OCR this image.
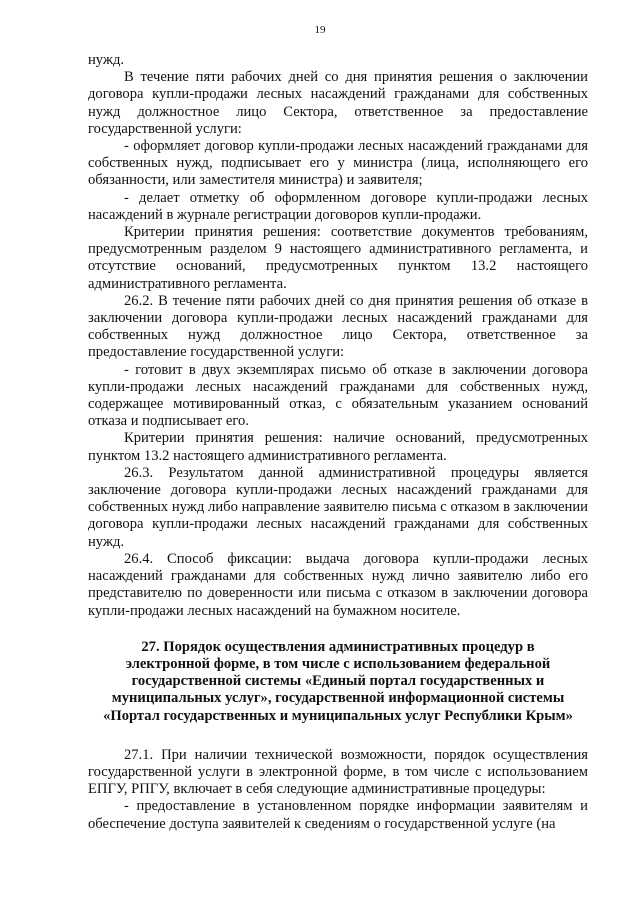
19

нужд.

В течение пяти рабочих дней со дня принятия решения о заключении договора купли-продажи лесных насаждений гражданами для собственных нужд должностное лицо Сектора, ответственное за предоставление государственной услуги:

- оформляет договор купли-продажи лесных насаждений гражданами для собственных нужд, подписывает его у министра (лица, исполняющего его обязанности, или заместителя министра) и заявителя;

- делает отметку об оформленном договоре купли-продажи лесных насаждений в журнале регистрации договоров купли-продажи.

Критерии принятия решения: соответствие документов требованиям, предусмотренным разделом 9 настоящего административного регламента, и отсутствие оснований, предусмотренных пунктом 13.2 настоящего административного регламента.

26.2. В течение пяти рабочих дней со дня принятия решения об отказе в заключении договора купли-продажи лесных насаждений гражданами для собственных нужд должностное лицо Сектора, ответственное за предоставление государственной услуги:

- готовит в двух экземплярах письмо об отказе в заключении договора купли-продажи лесных насаждений гражданами для собственных нужд, содержащее мотивированный отказ, с обязательным указанием оснований отказа и подписывает его.

Критерии принятия решения: наличие оснований, предусмотренных пунктом 13.2 настоящего административного регламента.

26.3. Результатом данной административной процедуры является заключение договора купли-продажи лесных насаждений гражданами для собственных нужд либо направление заявителю письма с отказом в заключении договора купли-продажи лесных насаждений гражданами для собственных нужд.

26.4. Способ фиксации: выдача договора купли-продажи лесных насаждений гражданами для собственных нужд лично заявителю либо его представителю по доверенности или письма с отказом в заключении договора купли-продажи лесных насаждений на бумажном носителе.

27. Порядок осуществления административных процедур в
электронной форме, в том числе с использованием федеральной
государственной системы «Единый портал государственных и
муниципальных услуг», государственной информационной системы
«Портал государственных и муниципальных услуг Республики Крым»

27.1. При наличии технической возможности, порядок осуществления государственной услуги в электронной форме, в том числе с использованием ЕПГУ, РПГУ, включает в себя следующие административные процедуры:

- предоставление в установленном порядке информации заявителям и обеспечение доступа заявителей к сведениям о государственной услуге (на
